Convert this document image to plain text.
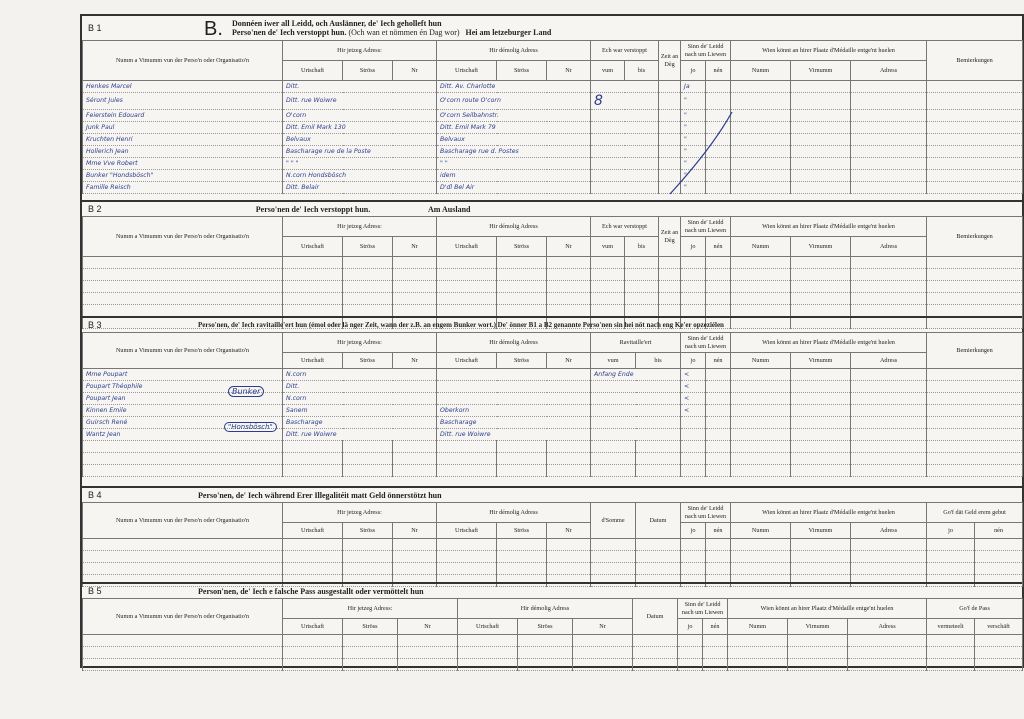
B 1	B. Donnéen iwer all Leidd, och Auslänner, de' Iech geholleft hun
Perso'nen de' Iech verstoppt hun. (Och wan et nömmen én Dag wor) Hei am letzeburger Land
Numm a Vimumm vun der Perso'n oder Organisatio'n	Hir jetzeg Adress:			Hir démolig Adress			Ech war verstoppt		Zeit an Dèg	Sinn de' Leidd nach um Liewen		Wien könnt an hirer Plaatz d'Médaille entge'nt huelen			Bemierkungen
	Urtschaft	Ströss	Nr	Urtschaft	Ströss	Nr	vum	bis		jo	nén	Numm	Virnumm	Adress	
Henkes Marcel	Ditt.			Ditt. Av. Charlotte						Ja					
Séront Jules	Ditt. rue Woiwre			O'corn route O'corn			8			"					
Feierstein Edouard	O'corn			O'corn Seilbahnstr.						"					
Junk Paul	Ditt. Emil Mark 130			Ditt. Emil Mark 79						"					
Kruchten Henri	Belvaux			Belvaux						"					
Hollerich Jean	Bascharage rue de la Poste			Bascharage rue d. Postes						"					
Mme Vve Robert	" " "			" "						"					
Bunker "Hondsbösch"	N.corn Hondsbösch			idem						"					
Famille Reisch	Ditt. Belair			D'dl Bel Air						"					
B 2	Perso'nen de' Iech verstoppt hun.	Am Ausland
Numm a Vimumm vun der Perso'n oder Organisatio'n	Hir jetzeg Adress:			Hir démolig Adress			Ech war verstoppt		Zeit an Dèg	Sinn de' Leidd nach um Liewen		Wien könnt an hirer Plaatz d'Médaille entge'nt huelen			Bemierkungen
	Urtschaft	Ströss	Nr	Urtschaft	Ströss	Nr	vum	bis		jo	nén	Numm	Virnumm	Adress	

B 3	Perso'nen, de' Iech ravitaille'ert hun (émol oder lä nger Zeit, wann der z.B. an engem Bunker wort.) De' önner B1 a B2 genannte Perso'nen sin hei nöt nach eng Ke'er opzeziélen
Numm a Vimumm vun der Perso'n oder Organisatio'n	Hir jetzeg Adress:			Hir démolig Adress			Ravitaille'ert		Sinn de' Leidd nach um Liewen		Wien könnt an hirer Plaatz d'Médaille entge'nt huelen			Bemierkungen
	Urtschaft	Ströss	Nr	Urtschaft	Ströss	Nr	vum	bis	jo	nén	Numm	Virnumm	Adress	
Mme Poupart	N.corn						Anfang Ende		<					
Poupart Théophile	Ditt.								<					
Poupart Jean	N.corn								<					
Kinnen Emile	Sanem			Oberkorn					<					
Guirsch René	Bascharage			Bascharage										
Wantz Jean	Ditt. rue Woiwre			Ditt. rue Woiwre										

Bunker
"Honsbösch"
B 4	Perso'nen, de' Iech während Erer Illegalitéit matt Geld önnerstötzt hun
Numm a Vimumm vun der Perso'n oder Organisatio'n	Hir jetzeg Adress:			Hir démolig Adress			d'Somme	Datum	Sinn de' Leidd nach um Liewen		Wien könnt an hirer Plaatz d'Médaille entge'nt huelen			Go'f dät Geld erem gebut	
	Urtschaft	Ströss	Nr	Urtschaft	Ströss	Nr			jo	nén	Numm	Virnumm	Adress	jo	nén

B 5	Person'nen, de' Iech e falsche Pass ausgestallt oder vermöttelt hun
Numm a Vimumm vun der Perso'n oder Organisatio'n	Hir jetzeg Adress:			Hir démolig Adress			Datum	Sinn de' Leidd nach um Liewen		Wien könnt an hirer Plaatz d'Médaille entge'nt huelen			Go'f de Pass	
	Urtschaft	Ströss	Nr	Urtschaft	Ströss	Nr		jo	nén	Numm	Virnumm	Adress	vermeteelt	verschäft
